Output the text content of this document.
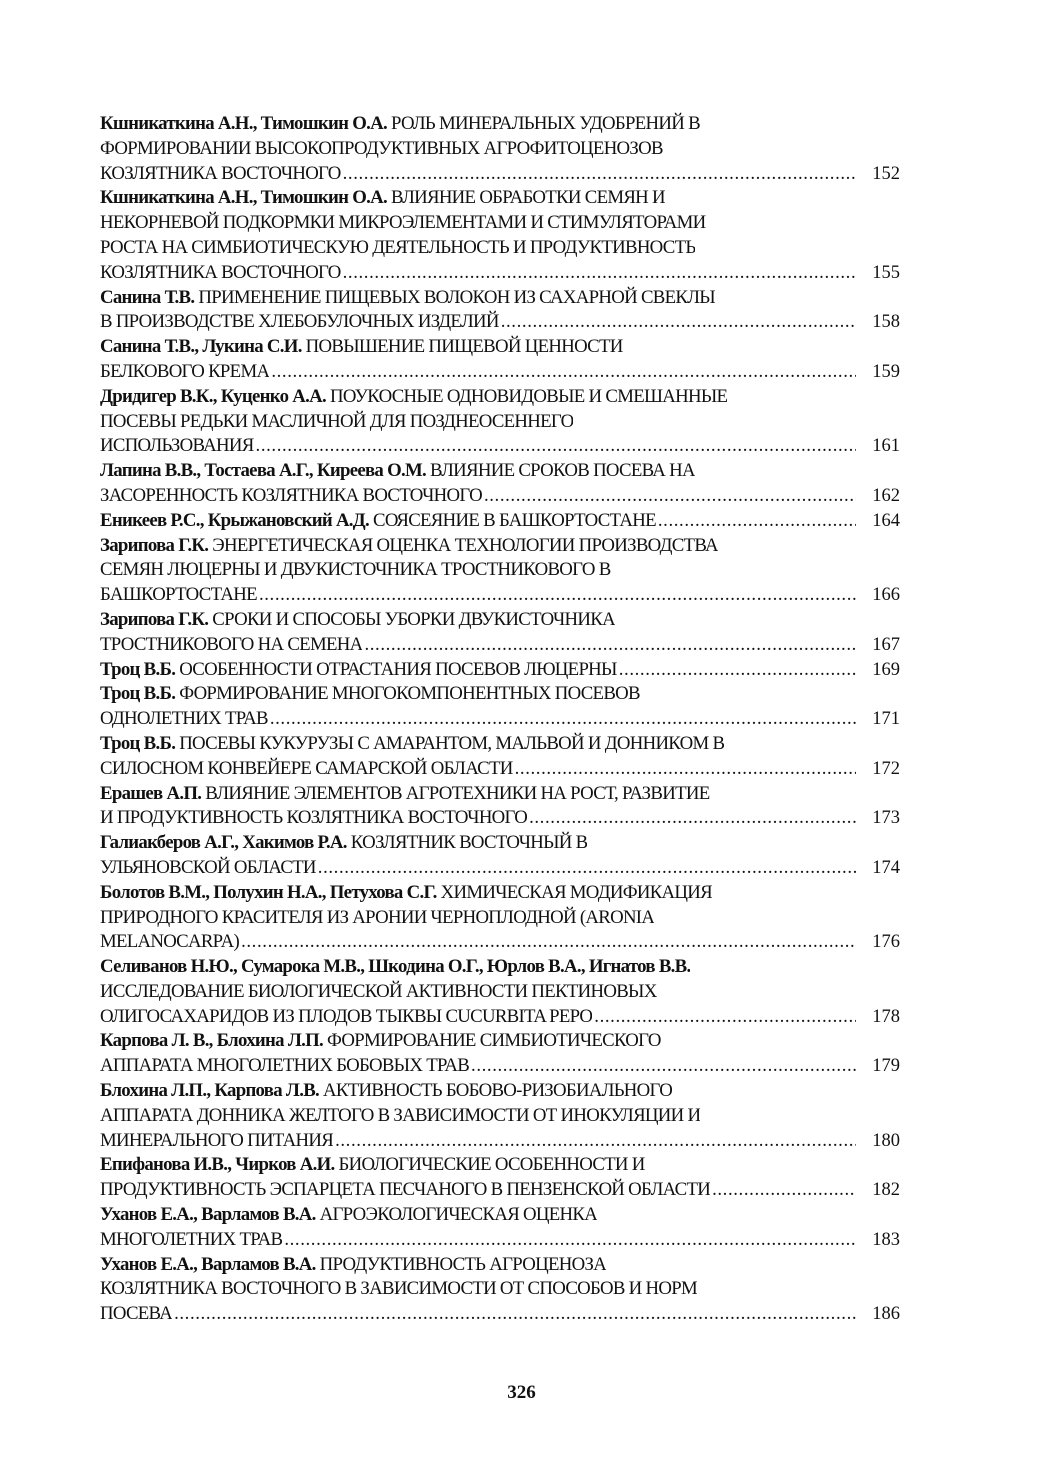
Кшникаткина А.Н., Тимошкин О.А. РОЛЬ МИНЕРАЛЬНЫХ УДОБРЕНИЙ В
ФОРМИРОВАНИИ ВЫСОКОПРОДУКТИВНЫХ АГРОФИТОЦЕНОЗОВ
КОЗЛЯТНИКА ВОСТОЧНОГО .....	152
Кшникаткина А.Н., Тимошкин О.А. ВЛИЯНИЕ ОБРАБОТКИ СЕМЯН И
НЕКОРНЕВОЙ ПОДКОРМКИ МИКРОЭЛЕМЕНТАМИ И СТИМУЛЯТОРАМИ
РОСТА НА СИМБИОТИЧЕСКУЮ ДЕЯТЕЛЬНОСТЬ И ПРОДУКТИВНОСТЬ
КОЗЛЯТНИКА ВОСТОЧНОГО .....	155
Санина Т.В. ПРИМЕНЕНИЕ ПИЩЕВЫХ ВОЛОКОН ИЗ САХАРНОЙ СВЕКЛЫ
В ПРОИЗВОДСТВЕ ХЛЕБОБУЛОЧНЫХ ИЗДЕЛИЙ .....	158
Санина Т.В., Лукина С.И. ПОВЫШЕНИЕ ПИЩЕВОЙ ЦЕННОСТИ
БЕЛКОВОГО КРЕМА .....	159
Дридигер В.К., Куценко А.А. ПОУКОСНЫЕ ОДНОВИДОВЫЕ И СМЕШАННЫЕ
ПОСЕВЫ РЕДЬКИ МАСЛИЧНОЙ ДЛЯ ПОЗДНЕОСЕННЕГО
ИСПОЛЬЗОВАНИЯ .....	161
Лапина В.В., Тостаева А.Г., Киреева О.М. ВЛИЯНИЕ СРОКОВ ПОСЕВА НА
ЗАСОРЕННОСТЬ КОЗЛЯТНИКА ВОСТОЧНОГО .....	162
Еникеев Р.С., Крыжановский А.Д. СОЯСЕЯНИЕ В БАШКОРТОСТАНЕ .....	164
Зарипова Г.К. ЭНЕРГЕТИЧЕСКАЯ ОЦЕНКА ТЕХНОЛОГИИ ПРОИЗВОДСТВА
СЕМЯН ЛЮЦЕРНЫ И ДВУКИСТОЧНИКА ТРОСТНИКОВОГО В
БАШКОРТОСТАНЕ .....	166
Зарипова Г.К. СРОКИ И СПОСОБЫ УБОРКИ ДВУКИСТОЧНИКА
ТРОСТНИКОВОГО НА СЕМЕНА .....	167
Троц В.Б. ОСОБЕННОСТИ ОТРАСТАНИЯ ПОСЕВОВ ЛЮЦЕРНЫ .....	169
Троц В.Б. ФОРМИРОВАНИЕ МНОГОКОМПОНЕНТНЫХ ПОСЕВОВ
ОДНОЛЕТНИХ ТРАВ .....	171
Троц В.Б. ПОСЕВЫ КУКУРУЗЫ С АМАРАНТОМ, МАЛЬВОЙ И ДОННИКОМ В
СИЛОСНОМ КОНВЕЙЕРЕ САМАРСКОЙ ОБЛАСТИ .....	172
Ерашев А.П. ВЛИЯНИЕ ЭЛЕМЕНТОВ АГРОТЕХНИКИ НА РОСТ, РАЗВИТИЕ
И ПРОДУКТИВНОСТЬ КОЗЛЯТНИКА ВОСТОЧНОГО .....	173
Галиакберов А.Г., Хакимов Р.А. КОЗЛЯТНИК ВОСТОЧНЫЙ В
УЛЬЯНОВСКОЙ ОБЛАСТИ .....	174
Болотов В.М., Полухин Н.А., Петухова С.Г. ХИМИЧЕСКАЯ МОДИФИКАЦИЯ
ПРИРОДНОГО КРАСИТЕЛЯ ИЗ АРОНИИ ЧЕРНОПЛОДНОЙ (ARONIA
MELANOCARPA) .....	176
Селиванов Н.Ю., Сумарока М.В., Шкодина О.Г., Юрлов В.А., Игнатов В.В.
ИССЛЕДОВАНИЕ БИОЛОГИЧЕСКОЙ АКТИВНОСТИ ПЕКТИНОВЫХ
ОЛИГОСАХАРИДОВ ИЗ ПЛОДОВ ТЫКВЫ CUCURBITA PEPO .....	178
Карпова Л. В., Блохина Л.П. ФОРМИРОВАНИЕ СИМБИОТИЧЕСКОГО
АППАРАТА МНОГОЛЕТНИХ БОБОВЫХ ТРАВ .....	179
Блохина Л.П., Карпова Л.В. АКТИВНОСТЬ БОБОВО-РИЗОБИАЛЬНОГО
АППАРАТА ДОННИКА ЖЕЛТОГО В ЗАВИСИМОСТИ ОТ ИНОКУЛЯЦИИ И
МИНЕРАЛЬНОГО ПИТАНИЯ .....	180
Епифанова И.В., Чирков А.И. БИОЛОГИЧЕСКИЕ ОСОБЕННОСТИ И
ПРОДУКТИВНОСТЬ ЭСПАРЦЕТА ПЕСЧАНОГО В ПЕНЗЕНСКОЙ ОБЛАСТИ .....	182
Уханов Е.А., Варламов В.А. АГРОЭКОЛОГИЧЕСКАЯ ОЦЕНКА
МНОГОЛЕТНИХ ТРАВ .....	183
Уханов Е.А., Варламов В.А. ПРОДУКТИВНОСТЬ АГРОЦЕНОЗА
КОЗЛЯТНИКА ВОСТОЧНОГО В ЗАВИСИМОСТИ ОТ СПОСОБОВ И НОРМ
ПОСЕВА .....	186
326
